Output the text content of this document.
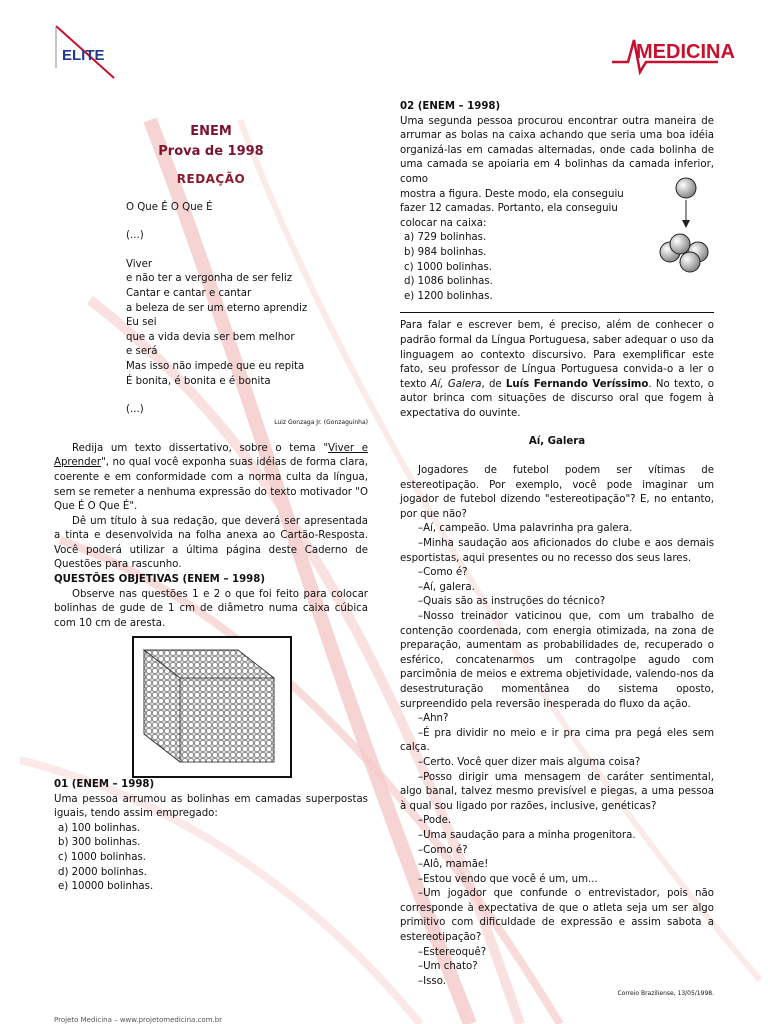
ELITE	MEDICINA
ENEM
Prova de 1998
REDAÇÃO
O Que É O Que É
(...)
Viver
e não ter a vergonha de ser feliz
Cantar e cantar e cantar
a beleza de ser um eterno aprendiz
Eu sei
que a vida devia ser bem melhor
e será
Mas isso não impede que eu repita
É bonita, é bonita e é bonita
(...)
Luiz Gonzaga Jr. (Gonzaguinha)
Redija um texto dissertativo, sobre o tema "Viver e Aprender", no qual você exponha suas idéias de forma clara, coerente e em conformidade com a norma culta da língua, sem se remeter a nenhuma expressão do texto motivador "O Que É O Que É".
Dê um título à sua redação, que deverá ser apresentada a tinta e desenvolvida na folha anexa ao Cartão-Resposta. Você poderá utilizar a última página deste Caderno de Questões para rascunho.
QUESTÕES OBJETIVAS (ENEM – 1998)
Observe nas questões 1 e 2 o que foi feito para colocar bolinhas de gude de 1 cm de diâmetro numa caixa cúbica com 10 cm de aresta.
01 (ENEM – 1998)
Uma pessoa arrumou as bolinhas em camadas superpostas iguais, tendo assim empregado:
a) 100 bolinhas.
b) 300 bolinhas.
c) 1000 bolinhas.
d) 2000 bolinhas.
e) 10000 bolinhas.
02 (ENEM – 1998)
Uma segunda pessoa procurou encontrar outra maneira de arrumar as bolas na caixa achando que seria uma boa idéia organizá-las em camadas alternadas, onde cada bolinha de uma camada se apoiaria em 4 bolinhas da camada inferior, como
mostra a figura. Deste modo, ela conseguiu fazer 12 camadas. Portanto, ela conseguiu colocar na caixa:
a) 729 bolinhas.
b) 984 bolinhas.
c) 1000 bolinhas.
d) 1086 bolinhas.
e) 1200 bolinhas.
Para falar e escrever bem, é preciso, além de conhecer o padrão formal da Língua Portuguesa, saber adequar o uso da linguagem ao contexto discursivo. Para exemplificar este fato, seu professor de Língua Portuguesa convida-o a ler o texto Aí, Galera, de Luís Fernando Veríssimo. No texto, o autor brinca com situações de discurso oral que fogem à expectativa do ouvinte.
Aí, Galera
Jogadores de futebol podem ser vítimas de estereotipação. Por exemplo, você pode imaginar um jogador de futebol dizendo "estereotipação"? E, no entanto, por que não?
–Aí, campeão. Uma palavrinha pra galera.
–Minha saudação aos aficionados do clube e aos demais esportistas, aqui presentes ou no recesso dos seus lares.
–Como é?
–Aí, galera.
–Quais são as instruções do técnico?
–Nosso treinador vaticinou que, com um trabalho de contenção coordenada, com energia otimizada, na zona de preparação, aumentam as probabilidades de, recuperado o esférico, concatenarmos um contragolpe agudo com parcimônia de meios e extrema objetividade, valendo-nos da desestruturação momentânea do sistema oposto, surpreendido pela reversão inesperada do fluxo da ação.
–Ahn?
–É pra dividir no meio e ir pra cima pra pegá eles sem calça.
–Certo. Você quer dizer mais alguma coisa?
–Posso dirigir uma mensagem de caráter sentimental, algo banal, talvez mesmo previsível e piegas, a uma pessoa à qual sou ligado por razões, inclusive, genéticas?
–Pode.
–Uma saudação para a minha progenitora.
–Como é?
–Alô, mamãe!
–Estou vendo que você é um, um...
–Um jogador que confunde o entrevistador, pois não corresponde à expectativa de que o atleta seja um ser algo primitivo com dificuldade de expressão e assim sabota a estereotipação?
–Estereoquê?
–Um chato?
–Isso.
Correio Braziliense, 13/05/1998.
Projeto Medicina – www.projetomedicina.com.br
